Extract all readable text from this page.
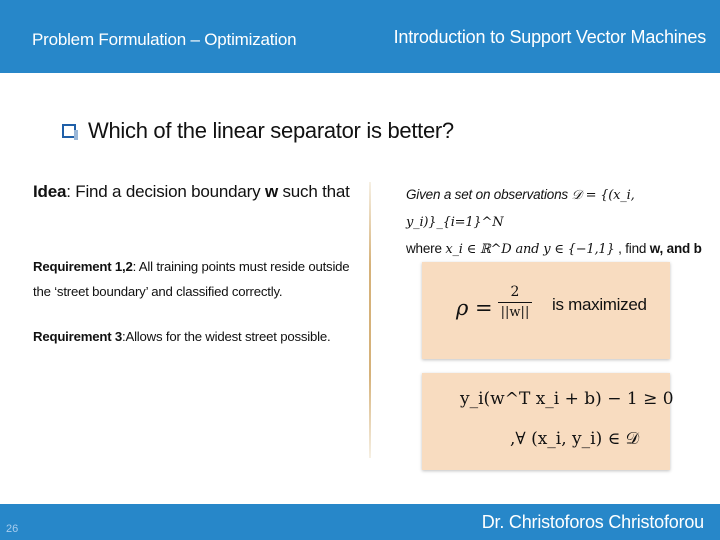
Problem Formulation – Optimization	Introduction to Support Vector Machines
Which of the linear separator is better?
Idea: Find a decision boundary w such that
Requirement 1,2: All training points must reside outside the ‘street boundary’ and classified correctly.
Requirement 3:Allows for the widest street possible.
Given a set on observations 𝒟 = {(x_i, y_i)}_{i=1}^N
where x_i ∈ ℝ^D and y ∈ {−1,1} , find w, and b
$\rho = \frac{2}{||w||}$ is maximized
y_i(w^T x_i + b) − 1 ≥ 0
,∀ (x_i, y_i) ∈ 𝒟
26	Dr. Christoforos Christoforou
